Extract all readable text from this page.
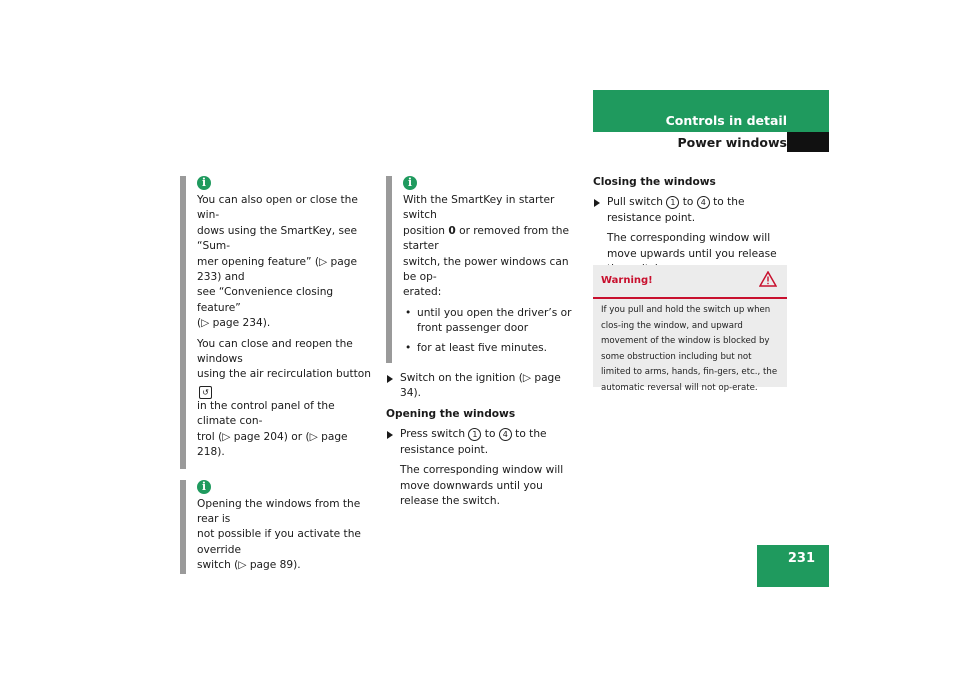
Controls in detail
Power windows
i

You can also open or close the win-
dows using the SmartKey, see “Sum-
mer opening feature” (▷ page 233) and
see “Convenience closing feature”
(▷ page 234).

You can close and reopen the windows
using the air recirculation button ↺
in the control panel of the climate con-
trol (▷ page 204) or (▷ page 218).

i

Opening the windows from the rear is
not possible if you activate the override
switch (▷ page 89).

i

With the SmartKey in starter switch
position 0 or removed from the starter
switch, the power windows can be op-
erated:

• until you open the driver’s or front passenger door
• for at least five minutes.
Switch on the ignition (▷ page 34).
Opening the windows
Press switch 1 to 4 to the resistance point.
The corresponding window will move downwards until you release the switch.
Closing the windows
Pull switch 1 to 4 to the resistance point.
The corresponding window will move upwards until you release
Warning!
If you pull and hold the switch up when clos-ing the window, and upward movement of the window is blocked by some obstruction including but not limited to arms, hands, fin-gers, etc., the automatic reversal will not op-erate.
231
